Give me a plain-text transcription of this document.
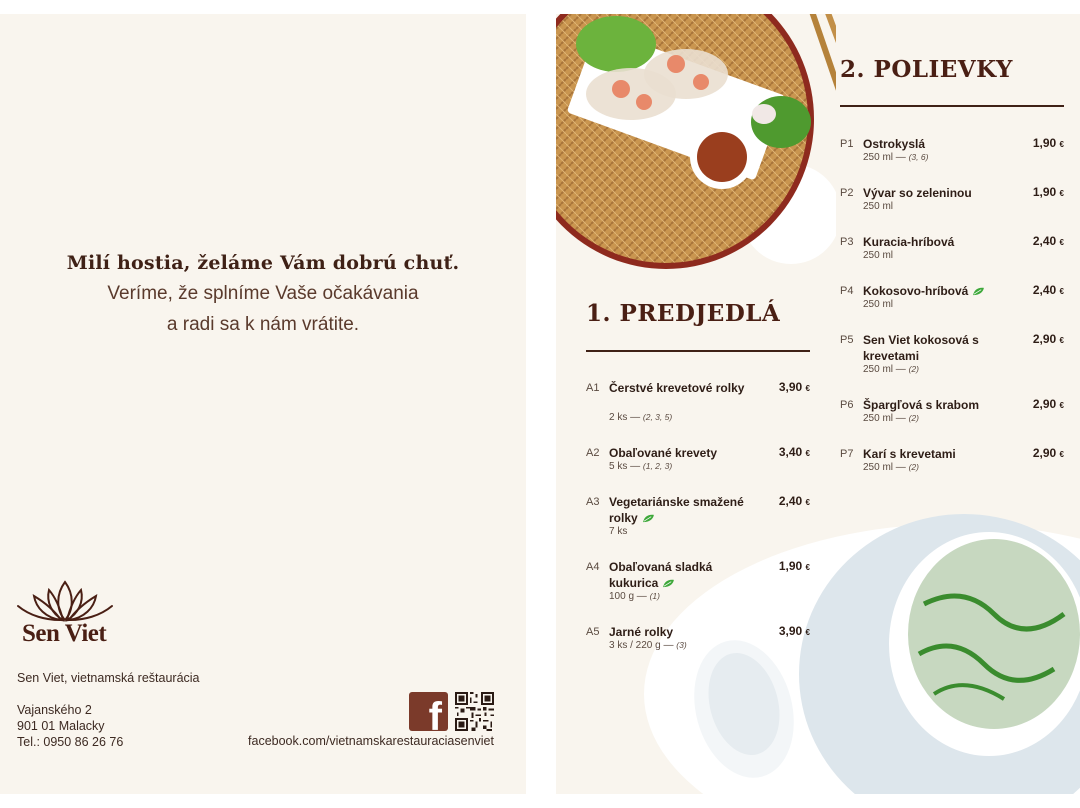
Milí hostia, želáme Vám dobrú chuť.
Veríme, že splníme Vaše očakávania
a radi sa k nám vrátite.
Sen Viet
Sen Viet, vietnamská reštaurácia
Vajanského 2
901 01 Malacky
Tel.: 0950 86 26 76
f
facebook.com/vietnamskarestauraciasenviet
2. POLIEVKY
P1 Ostrokyslá	1,90 €
250 ml — (3, 6)
P2 Vývar so zeleninou	1,90 €
250 ml
P3 Kuracia-hríbová	2,40 €
250 ml
P4 Kokosovo-hríbová	2,40 €
250 ml
P5 Sen Viet kokosová s krevetami
2,90 €
250 ml — (2)
P6 Špargľová s krabom	2,90 €
250 ml — (2)
P7 Karí s krevetami	2,90 €
250 ml — (2)
1. PREDJEDLÁ
A1 Čerstvé krevetové rolky	3,90 €
2 ks — (2, 3, 5)
A2 Obaľované krevety	3,40 €
5 ks — (1, 2, 3)
A3 Vegetariánske smažené rolky
2,40 €
7 ks
A4 Obaľovaná sladká kukurica
1,90 €
100 g — (1)
A5 Jarné rolky	3,90 €
3 ks / 220 g — (3)
